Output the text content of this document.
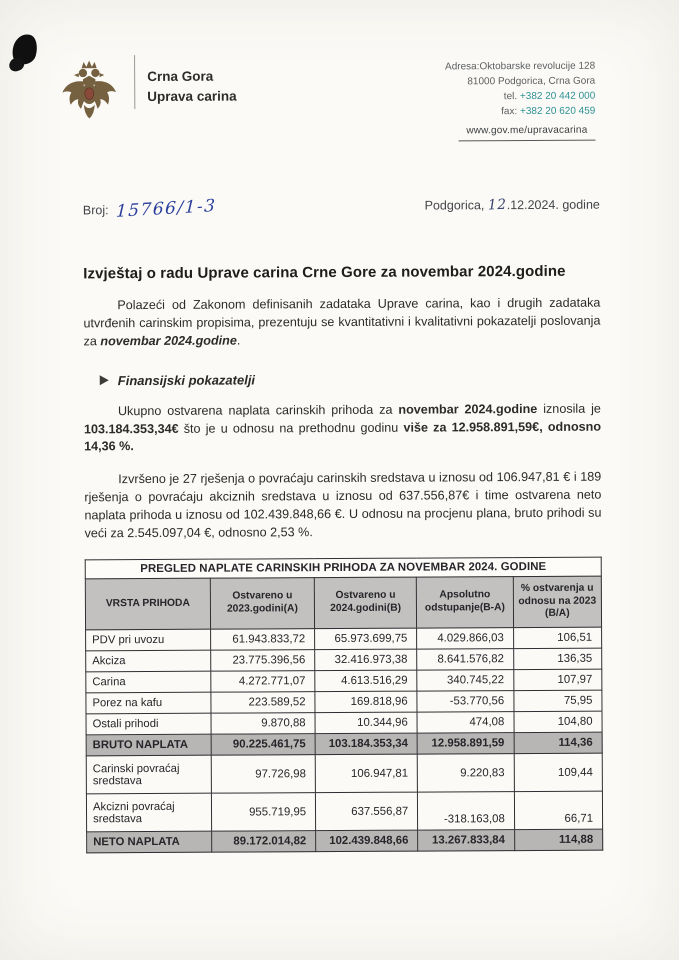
Crna Gora
Uprava carina
Adresa:Oktobarske revolucije 128
81000 Podgorica, Crna Gora
tel. +382 20 442 000
fax: +382 20 620 459
www.gov.me/upravacarina
Broj: 15766/1-3	Podgorica, 12.12.2024. godine
Izvještaj o radu Uprave carina Crne Gore za novembar 2024.godine

Polazeći od Zakonom definisanih zadataka Uprave carina, kao i drugih zadataka utvrđenih carinskim propisima, prezentuju se kvantitativni i kvalitativni pokazatelji poslovanja za novembar 2024.godine.

Finansijski pokazatelji

Ukupno ostvarena naplata carinskih prihoda za novembar 2024.godine iznosila je 103.184.353,34€ što je u odnosu na prethodnu godinu više za 12.958.891,59€, odnosno 14,36 %.

Izvršeno je 27 rješenja o povraćaju carinskih sredstava u iznosu od 106.947,81 € i 189 rješenja o povraćaju akciznih sredstava u iznosu od 637.556,87€ i time ostvarena neto naplata prihoda u iznosu od 102.439.848,66 €. U odnosu na procjenu plana, bruto prihodi su veći za 2.545.097,04 €, odnosno 2,53 %.

PREGLED NAPLATE CARINSKIH PRIHODA ZA NOVEMBAR 2024. GODINE				
VRSTA PRIHODA	Ostvareno u 2023.godini(A)	Ostvareno u 2024.godini(B)	Apsolutno odstupanje(B-A)	% ostvarenja u odnosu na 2023 (B/A)
PDV pri uvozu	61.943.833,72	65.973.699,75	4.029.866,03	106,51
Akciza	23.775.396,56	32.416.973,38	8.641.576,82	136,35
Carina	4.272.771,07	4.613.516,29	340.745,22	107,97
Porez na kafu	223.589,52	169.818,96	-53.770,56	75,95
Ostali prihodi	9.870,88	10.344,96	474,08	104,80
BRUTO NAPLATA	90.225.461,75	103.184.353,34	12.958.891,59	114,36
Carinski povraćaj sredstava	97.726,98	106.947,81	9.220,83	109,44
Akcizni povraćaj sredstava	955.719,95	637.556,87	-318.163,08	66,71
NETO NAPLATA	89.172.014,82	102.439.848,66	13.267.833,84	114,88
